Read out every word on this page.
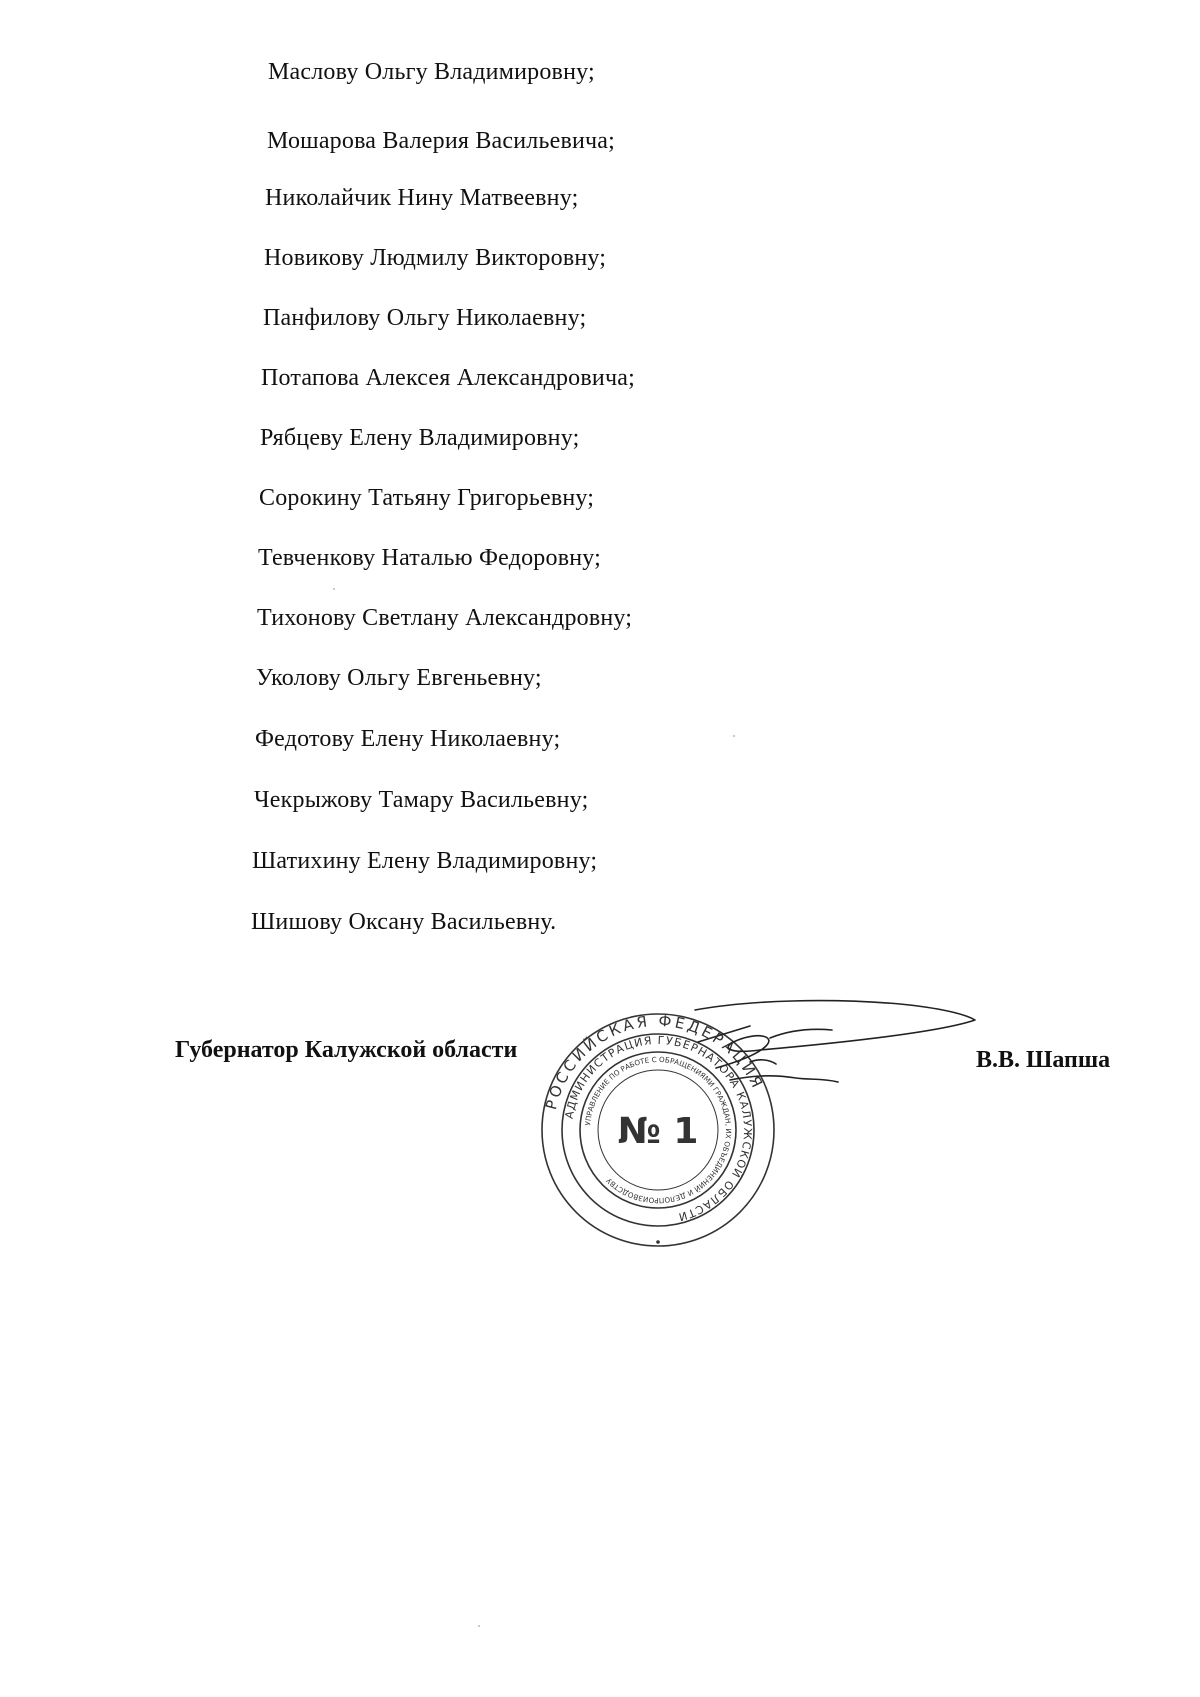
Маслову Ольгу Владимировну;
Мошарова Валерия Васильевича;
Николайчик Нину Матвеевну;
Новикову Людмилу Викторовну;
Панфилову Ольгу Николаевну;
Потапова Алексея Александровича;
Рябцеву Елену Владимировну;
Сорокину Татьяну Григорьевну;
Тевченкову Наталью Федоровну;
Тихонову Светлану Александровну;
Уколову Ольгу Евгеньевну;
Федотову Елену Николаевну;
Чекрыжову Тамару Васильевну;
Шатихину Елену Владимировну;
Шишову Оксану Васильевну.
РОССИЙСКАЯ ФЕДЕРАЦИЯ
АДМИНИСТРАЦИЯ ГУБЕРНАТОРА КАЛУЖСКОЙ ОБЛАСТИ
УПРАВЛЕНИЕ ПО РАБОТЕ С ОБРАЩЕНИЯМИ ГРАЖДАН, ИХ ОБЪЕДИНЕНИЙ И ДЕЛОПРОИЗВОДСТВУ
№ 1
Губернатор Калужской области	В.В. Шапша
